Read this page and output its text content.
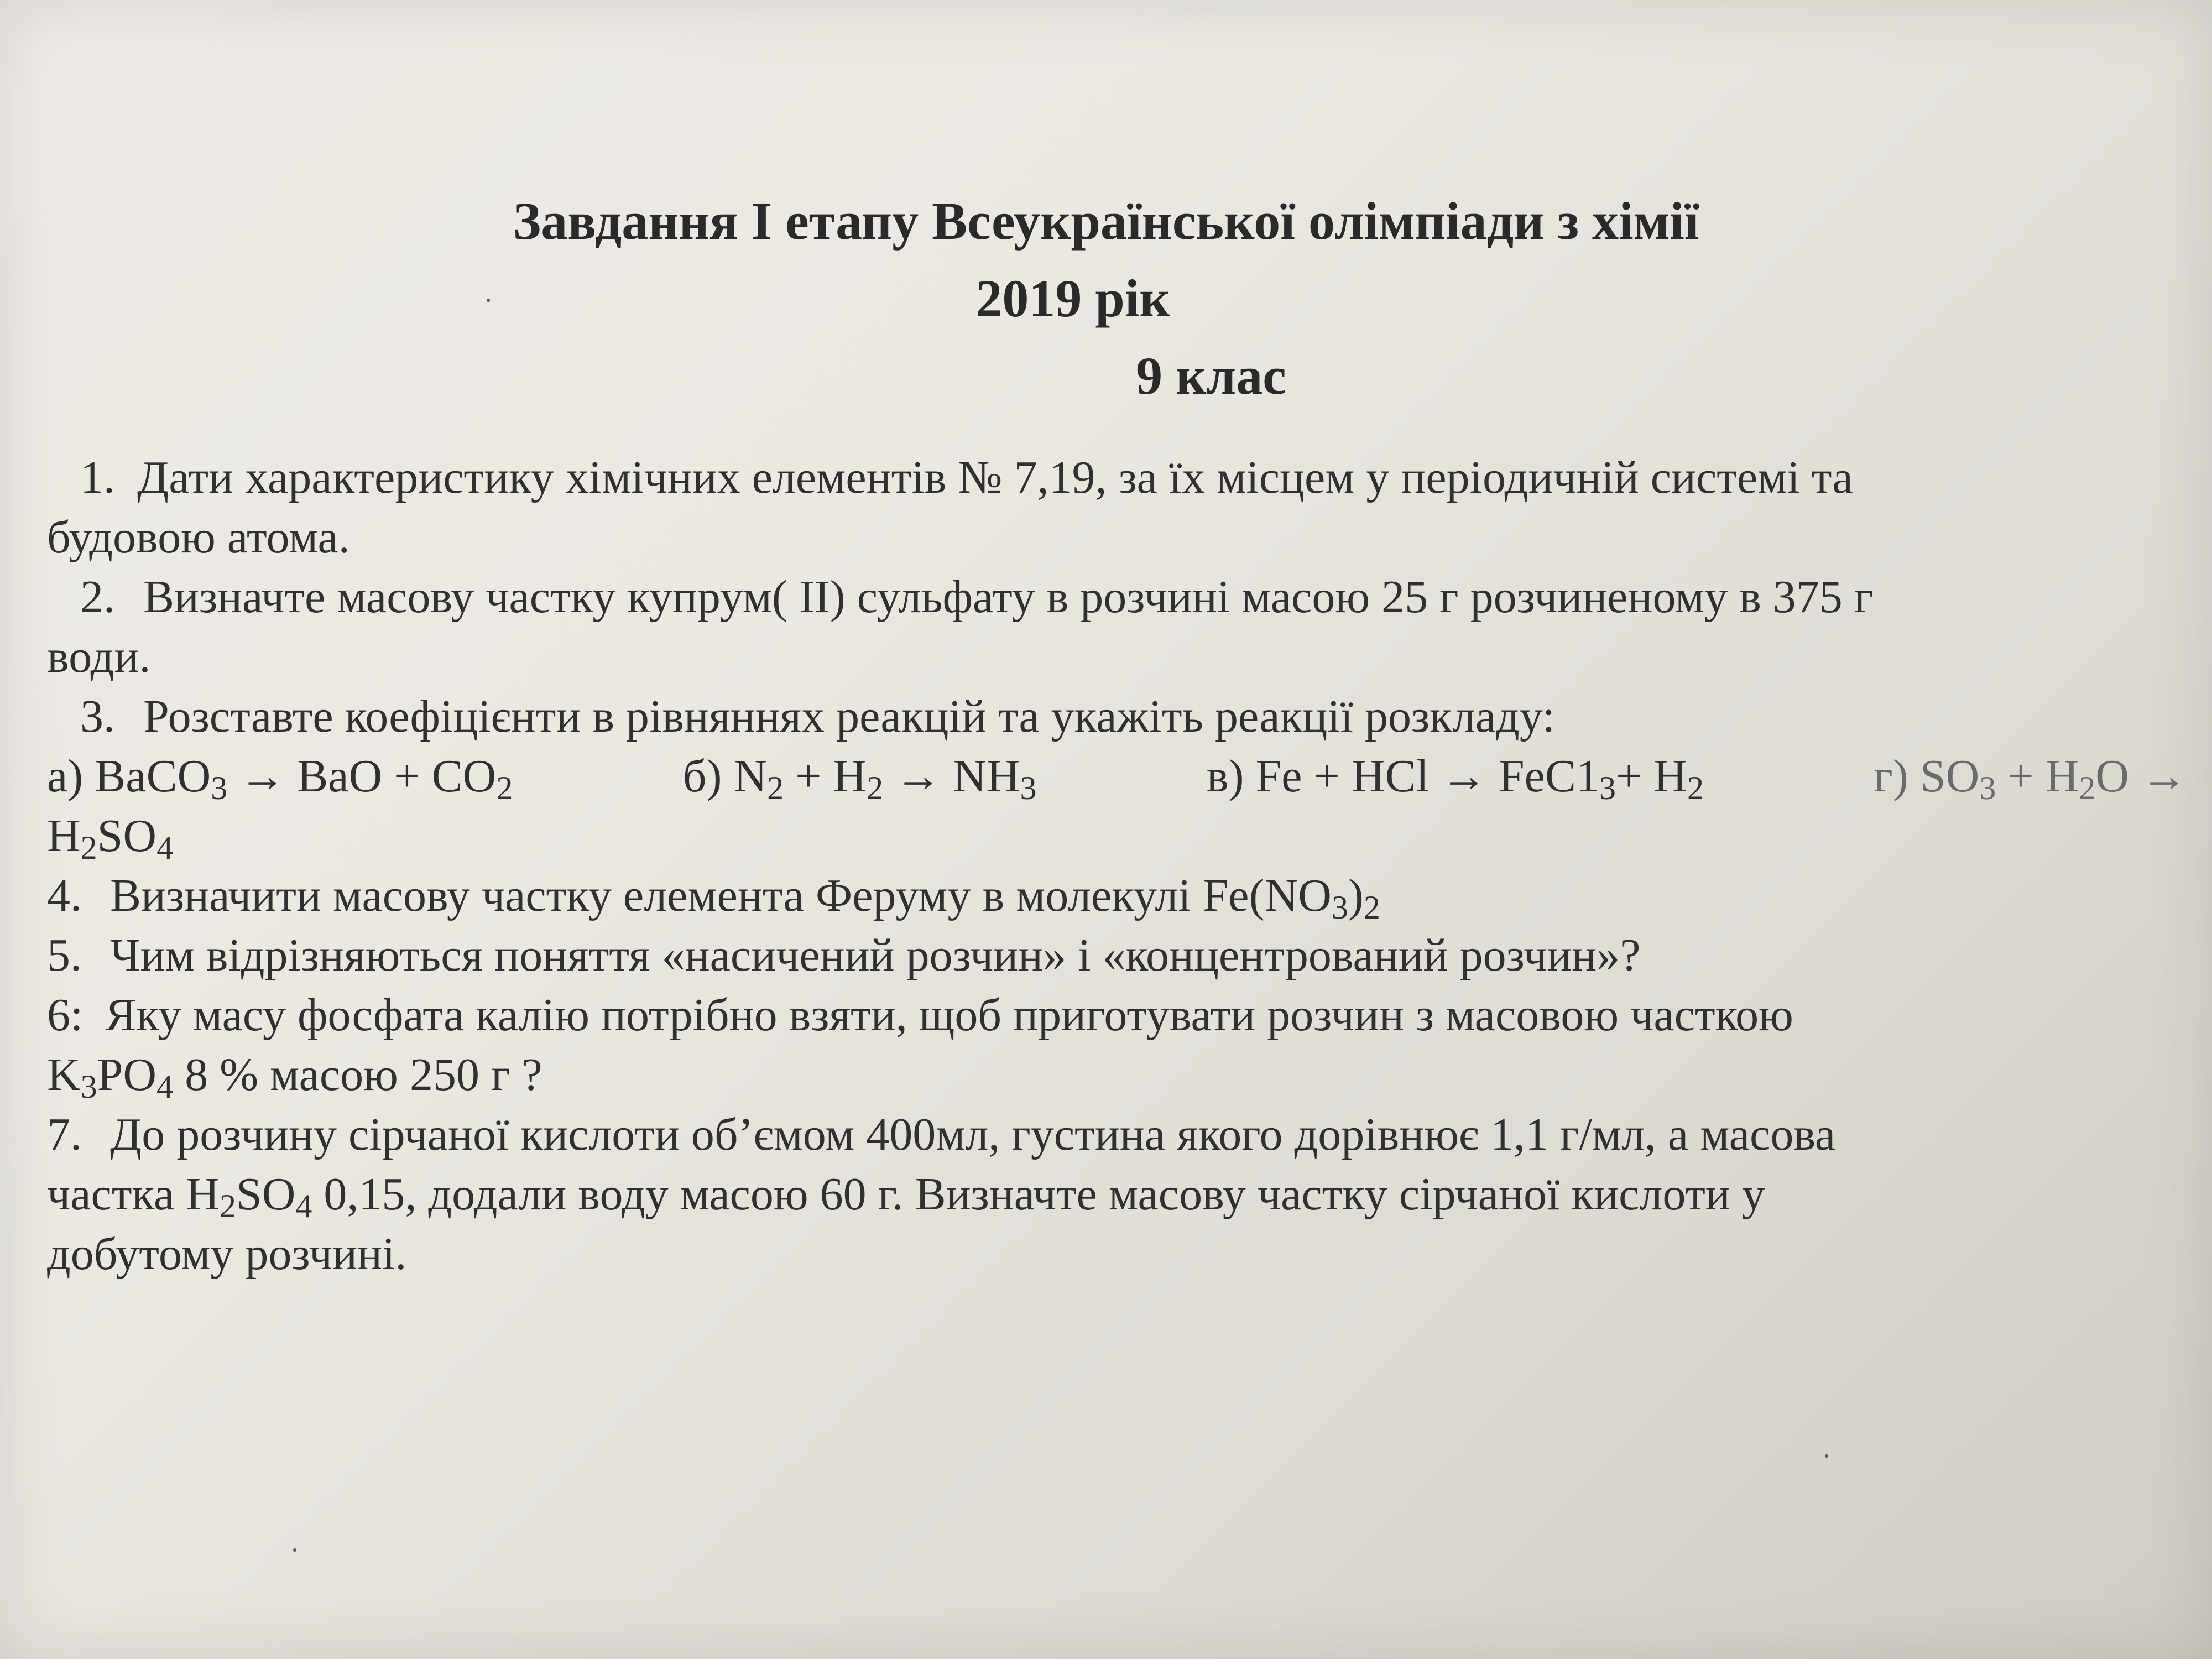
Завдання І етапу Всеукраїнської олімпіади з хімії
2019 рік
9 клас
1. Дати характеристику хімічних елементів № 7,19, за їх місцем у періодичній системі та
будовою атома.
2. Визначте масову частку купрум( ІІ) сульфату в розчині масою 25 г розчиненому в 375 г
води.
3. Розставте коефіцієнти в рівняннях реакцій та укажіть реакції розкладу:
а) BaCO$_3$ → BaO + $CO_2$	б) $N_2 + H_2 \to NH_3$	в) Fe + HCl → $FeC1_3+ H_2$	г) $SO_3 + H_2O$ →
$H_2SO_4$
4. Визначити масову частку елемента Феруму в молекулі $Fe(NO_3)_2$
5. Чим відрізняються поняття «насичений розчин» і «концентрований розчин»?
6: Яку масу фосфата калію потрібно взяти, щоб приготувати розчин з масовою часткою
$K_3PO_4$ 8 % масою 250 г ?
7. До розчину сірчаної кислоти об’ємом 400мл, густина якого дорівнює 1,1 г/мл, а масова
частка $H_2SO_4$ 0,15, додали воду масою 60 г. Визначте масову частку сірчаної кислоти у
добутому розчині.
